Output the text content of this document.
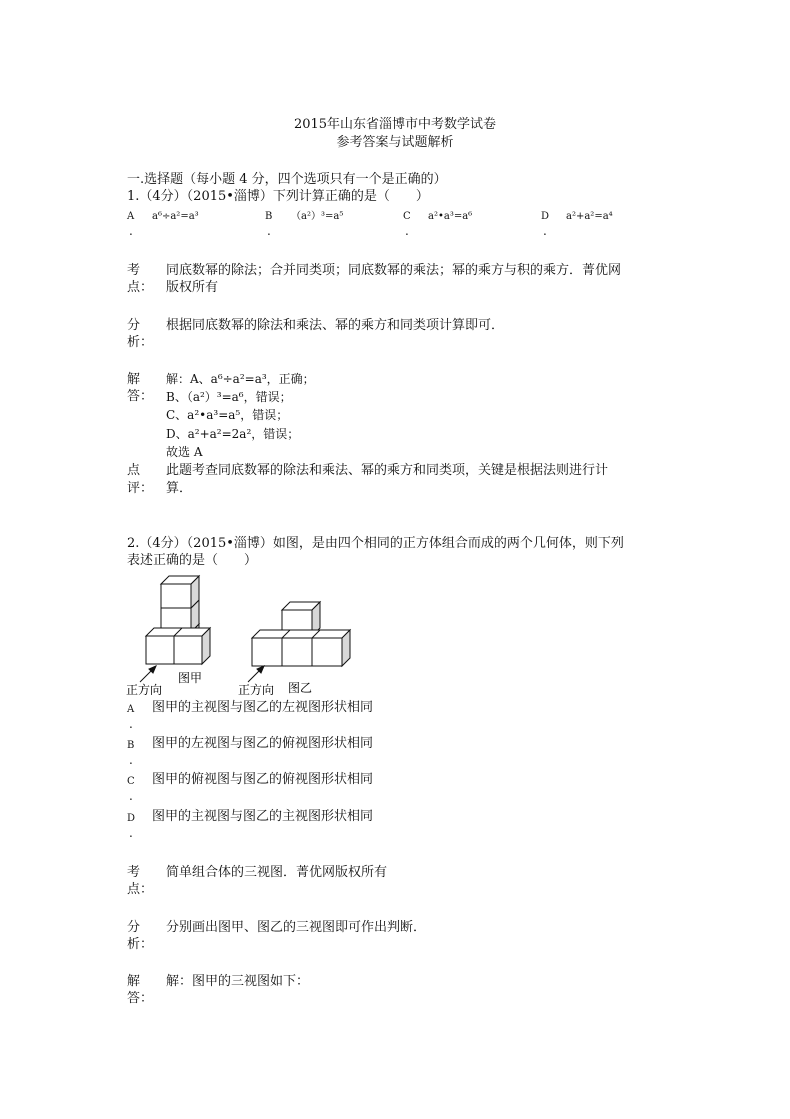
2015年山东省淄博市中考数学试卷
参考答案与试题解析
一.选择题（每小题 4 分，四个选项只有一个是正确的）
1.（4分）（2015•淄博）下列计算正确的是（　　）
A a⁶÷a²=a³
.
B （a²）³=a⁵
.
C a²•a³=a⁶
.
D a²+a²=a⁴
.
考
点：
同底数幂的除法；合并同类项；同底数幂的乘法；幂的乘方与积的乘方．菁优网
版权所有
分
析：
根据同底数幂的除法和乘法、幂的乘方和同类项计算即可．
解
答：
解：A、a⁶÷a²=a³，正确；
B、（a²）³=a⁶，错误；
C、a²•a³=a⁵，错误；
D、a²+a²=2a²，错误；
故选 A
点
评：
此题考查同底数幂的除法和乘法、幂的乘方和同类项，关键是根据法则进行计
算．
2.（4分）（2015•淄博）如图，是由四个相同的正方体组合而成的两个几何体，则下列
表述正确的是（　　）
图甲
图乙
正方向	正方向
A 图甲的主视图与图乙的左视图形状相同
.
B 图甲的左视图与图乙的俯视图形状相同
.
C 图甲的俯视图与图乙的俯视图形状相同
.
D 图甲的主视图与图乙的主视图形状相同
.
考
点：
简单组合体的三视图．菁优网版权所有
分
析：
分别画出图甲、图乙的三视图即可作出判断．
解
答：
解：图甲的三视图如下：
